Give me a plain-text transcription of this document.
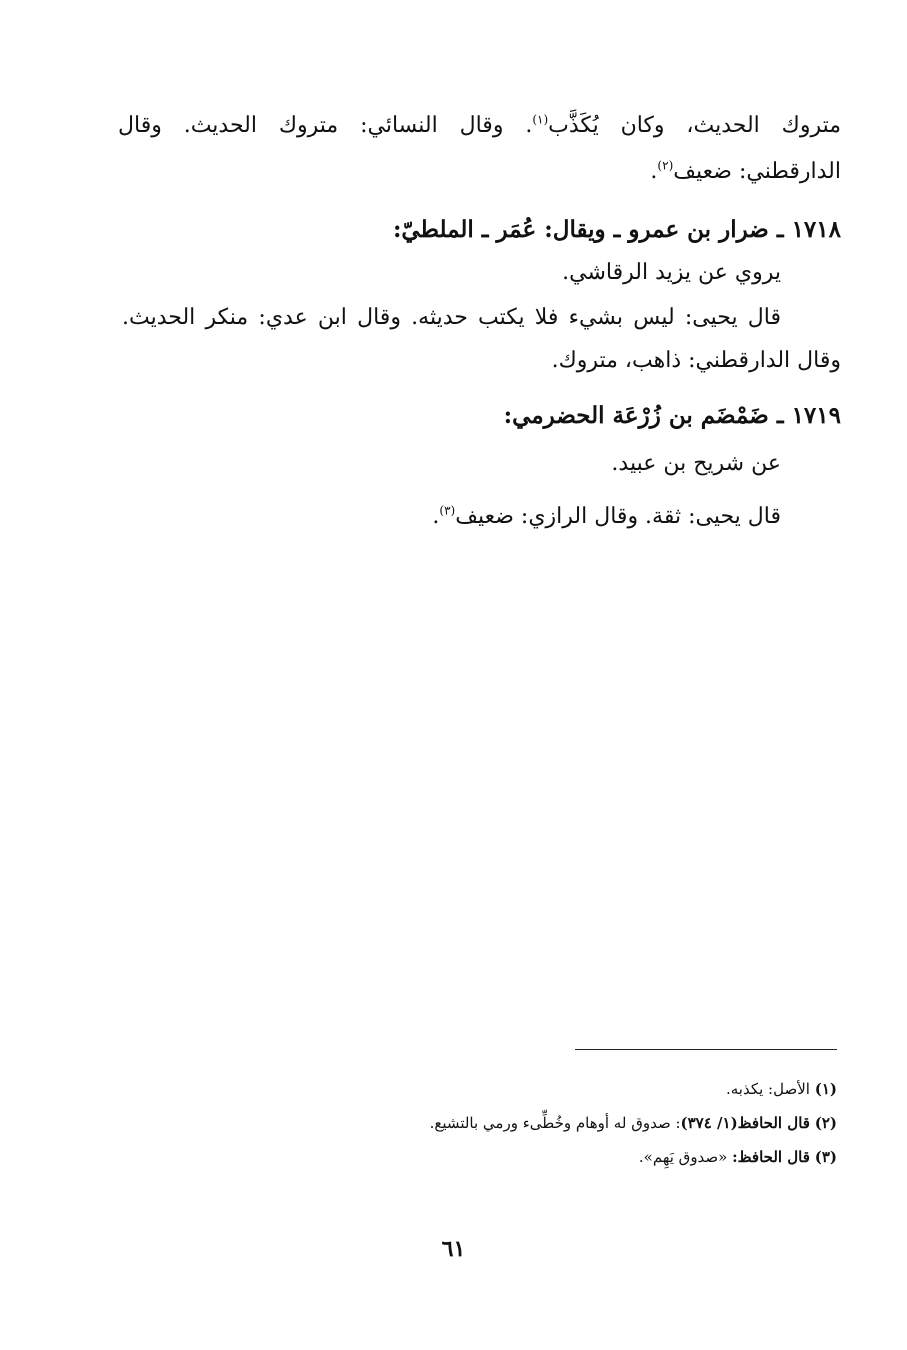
متروك الحديث، وكان يُكَذَّب$^{(١)}$. وقال النسائي: متروك الحديث. وقال
الدارقطني: ضعيف$^{(٢)}$.
١٧١٨ ـ ضرار بن عمرو ـ ويقال: عُمَر ـ الملطيّ:
يروي عن يزيد الرقاشي.
قال يحيى: ليس بشيء فلا يكتب حديثه. وقال ابن عدي: منكر الحديث.
وقال الدارقطني: ذاهب، متروك.
١٧١٩ ـ ضَمْضَم بن زُرْعَة الحضرمي:
عن شريح بن عبيد.
قال يحيى: ثقة. وقال الرازي: ضعيف$^{(٣)}$.
(١) الأصل: يكذبه.
(٢) قال الحافظ(١/ ٣٧٤): صدوق له أوهام وخُطِّىء ورمي بالتشيع.
(٣) قال الحافظ: «صدوق يَهِم».
٦١
